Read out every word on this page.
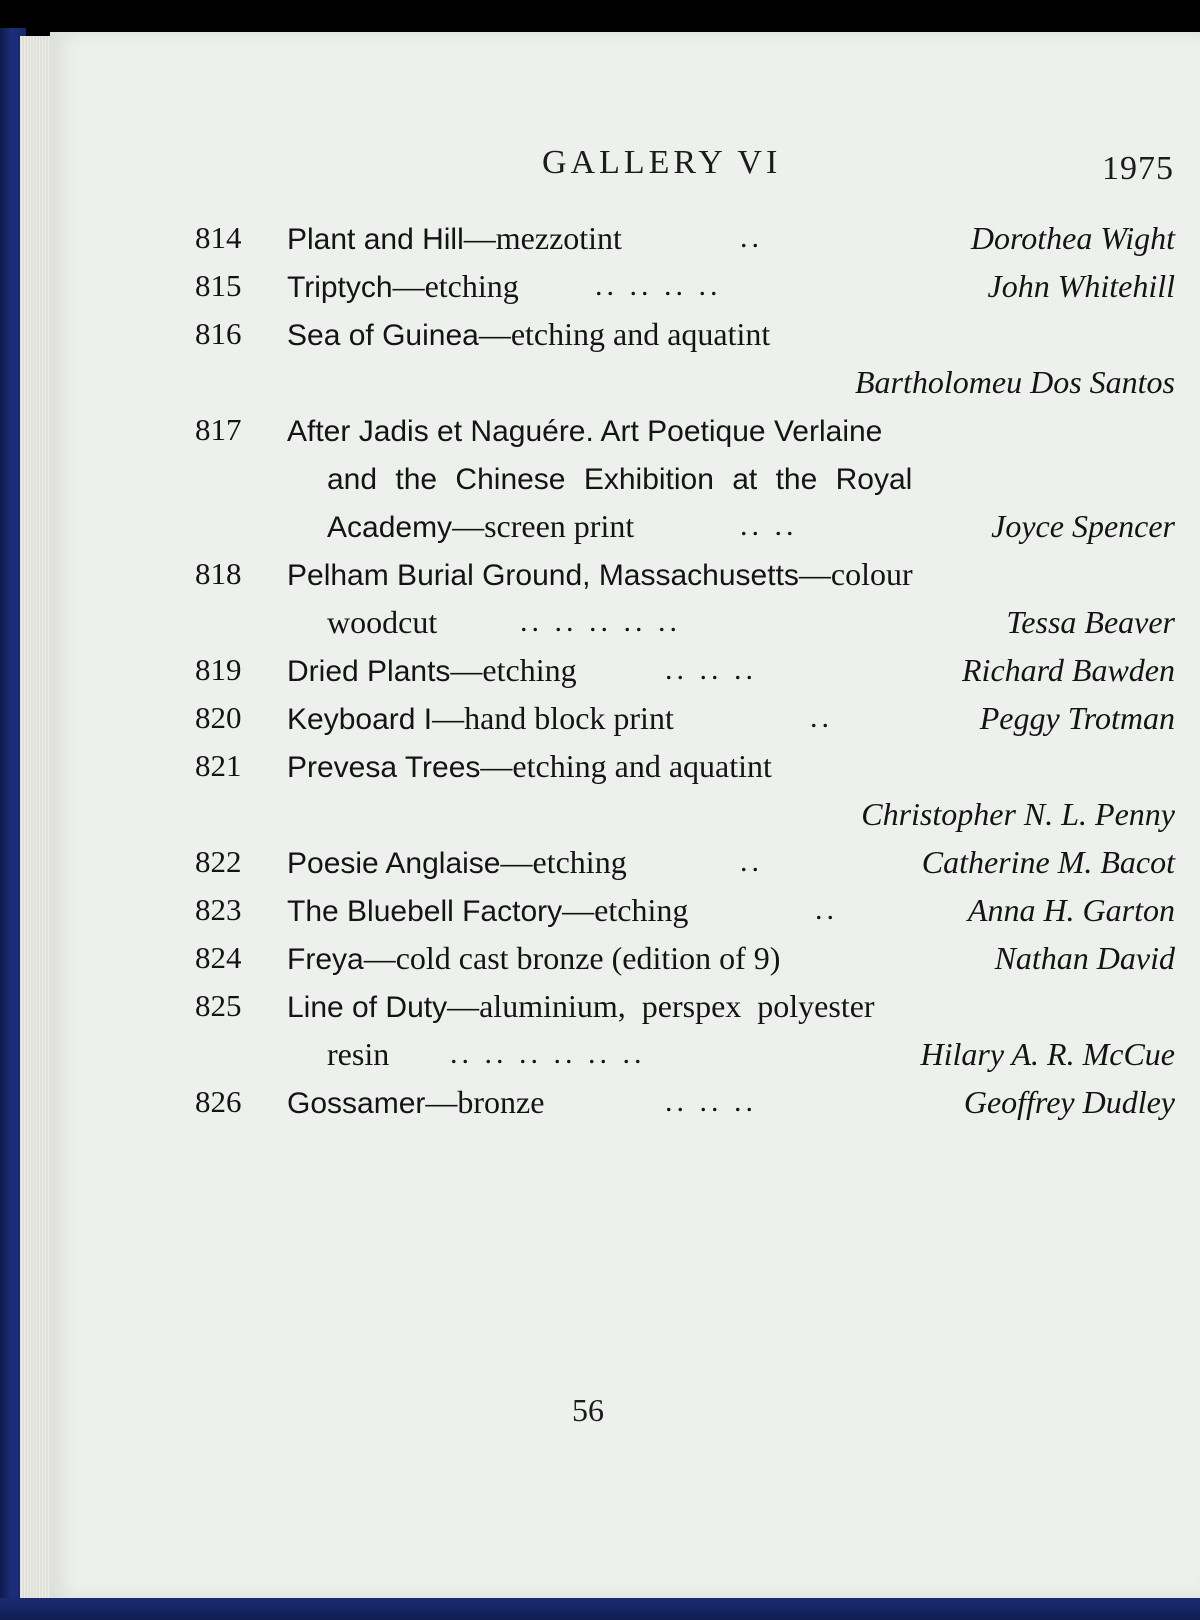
GALLERY VI	1975
814 Plant and Hill—mezzotint	..	Dorothea Wight
815 Triptych—etching	.. .. .. ..	John Whitehill
816 Sea of Guinea—etching and aquatint
Bartholomeu Dos Santos
817 After Jadis et Naguére. Art Poetique Verlaine
and the Chinese Exhibition at the Royal
Academy—screen print	.. ..	Joyce Spencer
818 Pelham Burial Ground, Massachusetts—colour
woodcut	.. .. .. .. ..	Tessa Beaver
819 Dried Plants—etching	.. .. ..	Richard Bawden
820 Keyboard I—hand block print	..	Peggy Trotman
821 Prevesa Trees—etching and aquatint
Christopher N. L. Penny
822 Poesie Anglaise—etching	..	Catherine M. Bacot
823 The Bluebell Factory—etching	..	Anna H. Garton
824 Freya—cold cast bronze (edition of 9)	Nathan David
825 Line of Duty—aluminium, perspex polyester
resin .. .. .. .. .. ..	Hilary A. R. McCue
826 Gossamer—bronze	.. .. ..	Geoffrey Dudley
56
